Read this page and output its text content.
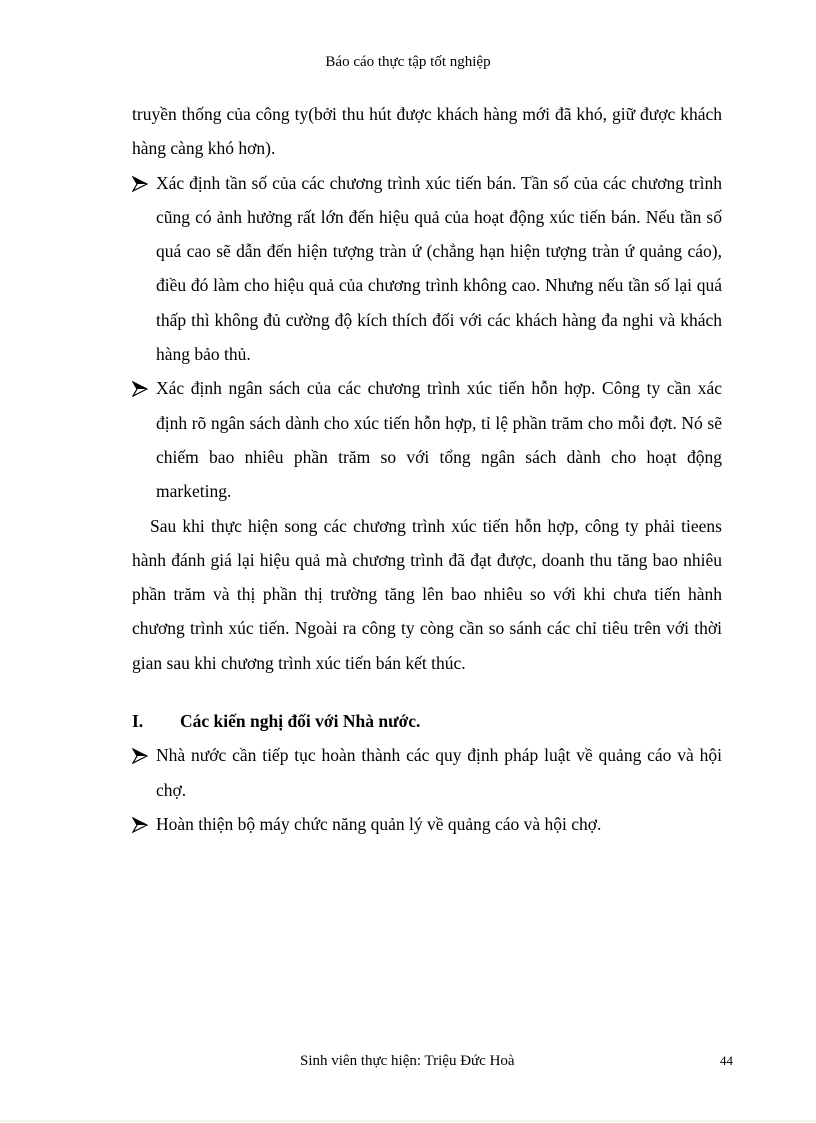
Báo cáo thực tập tốt nghiệp

truyền thống của công ty(bởi thu hút được khách hàng mới đã khó, giữ được khách hàng càng khó hơn).

Xác định tần số của các chương trình xúc tiến bán. Tần số của các chương trình cũng có ảnh hưởng rất lớn đến hiệu quả của hoạt động xúc tiến bán. Nếu tần số quá cao sẽ dẫn đến hiện tượng tràn ứ (chẳng hạn hiện tượng tràn ứ quảng cáo), điều đó làm cho hiệu quả của chương trình không cao. Nhưng nếu tần số lại quá thấp thì không đủ cường độ kích thích đối với các khách hàng đa nghi và khách hàng bảo thủ.
Xác định ngân sách của các chương trình xúc tiến hỗn hợp. Công ty cần xác định rõ ngân sách dành cho xúc tiến hỗn hợp, tỉ lệ phần trăm cho mỗi đợt. Nó sẽ chiếm bao nhiêu phần trăm so với tổng ngân sách dành cho hoạt động marketing.

Sau khi thực hiện song các chương trình xúc tiến hỗn hợp, công ty phải tieens hành đánh giá lại hiệu quả mà chương trình đã đạt được, doanh thu tăng bao nhiêu phần trăm và thị phần thị trường tăng lên bao nhiêu so với khi chưa tiến hành chương trình xúc tiến. Ngoài ra công ty còng cần so sánh các chỉ tiêu trên với thời gian sau khi chương trình xúc tiến bán kết thúc.

I.	Các kiến nghị đối với Nhà nước.
Nhà nước cần tiếp tục hoàn thành các quy định pháp luật về quảng cáo và hội chợ.
Hoàn thiện bộ máy chức năng quản lý về quảng cáo và hội chợ.
Sinh viên thực hiện: Triệu Đức Hoà	44
